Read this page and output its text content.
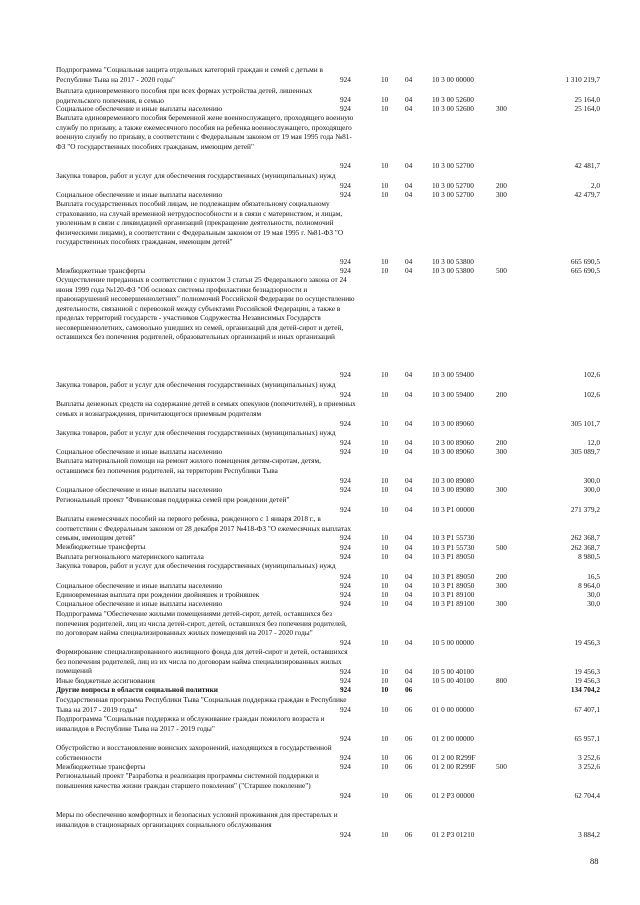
Подпрограмма "Социальная защита отдельных категорий граждан и семей с детьми в Республике Тыва на 2017 - 2020 годы"	924	10 04	10 3 00 00000	1 310 219,7
Выплата единовременного пособия при всех формах устройства детей, лишенных родительского попечения, в семью	924	10 04	10 3 00 52600	25 164,0
Социальное обеспечение и иные выплаты населению	924	10 04	10 3 00 52600	300	25 164,0
Выплата единовременного пособия беременной жене военнослужащего, проходящего военную службу по призыву, а также ежемесячного пособия на ребенка военнослужащего, проходящего военную службу по призыву, в соответствии с Федеральным законом от 19 мая 1995 года №81-ФЗ "О государственных пособиях гражданам, имеющим детей"
924	10 04	10 3 00 52700	42 481,7
Закупка товаров, работ и услуг для обеспечения государственных (муниципальных) нужд
924	10 04	10 3 00 52700	200	2,0
Социальное обеспечение и иные выплаты населению	924	10 04	10 3 00 52700	300	42 479,7
Выплата государственных пособий лицам, не подлежащим обязательному социальному страхованию, на случай временной нетрудоспособности и в связи с материнством, и лицам, уволенным в связи с ликвидацией организаций (прекращение деятельности, полномочий физическими лицами), в соответствии с Федеральным законом от 19 мая 1995 г. №81-ФЗ "О государственных пособиях гражданам, имеющим детей"
924	10 04	10 3 00 53800	665 690,5
Межбюджетные трансферты	924	10 04	10 3 00 53800	500	665 690,5
Осуществление переданных в соответствии с пунктом 3 статьи 25 Федерального закона от 24 июня 1999 года №120-ФЗ "Об основах системы профилактики безнадзорности и правонарушений несовершеннолетних" полномочий Российской Федерации по осуществлению деятельности, связанной с перевозкой между субъектами Российской Федерации, а также в пределах территорий государств - участников Содружества Независимых Государств несовершеннолетних, самовольно ушедших из семей, организаций для детей-сирот и детей, оставшихся без попечения родителей, образовательных организаций и иных организаций
924	10 04	10 3 00 59400	102,6
Закупка товаров, работ и услуг для обеспечения государственных (муниципальных) нужд
924	10 04	10 3 00 59400	200	102,6
Выплаты денежных средств на содержание детей в семьях опекунов (попечителей), в приемных семьях и вознаграждения, причитающегося приемным родителям
924	10 04	10 3 00 89060	305 101,7
Закупка товаров, работ и услуг для обеспечения государственных (муниципальных) нужд
924	10 04	10 3 00 89060	200	12,0
Социальное обеспечение и иные выплаты населению	924	10 04	10 3 00 89060	300	305 089,7
Выплата материальной помощи на ремонт жилого помещения детям-сиротам, детям, оставшимся без попечения родителей, на территории Республики Тыва
924	10 04	10 3 00 89080	300,0
Социальное обеспечение и иные выплаты населению	924	10 04	10 3 00 89080	300	300,0
Региональный проект "Финансовая поддержка семей при рождении детей"
924	10 04	10 3 P1 00000	271 379,2
Выплаты ежемесячных пособий на первого ребенка, рожденного с 1 января 2018 г., в соответствии с Федеральным законом от 28 декабря 2017 №418-ФЗ "О ежемесячных выплатах семьям, имеющим детей"	924	10 04	10 3 P1 55730	262 368,7
Межбюджетные трансферты	924	10 04	10 3 P1 55730	500	262 368,7
Выплата регионального материнского капитала	924	10 04	10 3 P1 89050	8 980,5
Закупка товаров, работ и услуг для обеспечения государственных (муниципальных) нужд
924	10 04	10 3 P1 89050	200	16,5
Социальное обеспечение и иные выплаты населению	924	10 04	10 3 P1 89050	300	8 964,0
Единовременная выплата при рождении двойняшек и тройняшек	924	10 04	10 3 P1 89100	30,0
Социальное обеспечение и иные выплаты населению	924	10 04	10 3 P1 89100	300	30,0
Подпрограмма "Обеспечение жилыми помещениями детей-сирот, детей, оставшихся без попечения родителей, лиц из числа детей-сирот, детей, оставшихся без попечения родителей, по договорам найма специализированных жилых помещений на 2017 - 2020 годы"
924	10 04	10 5 00 00000	19 456,3
Формирование специализированного жилищного фонда для детей-сирот и детей, оставшихся без попечения родителей, лиц из их числа по договорам найма специализированных жилых помещений	924	10 04	10 5 00 40100	19 456,3
Иные бюджетные ассигнования	924	10 04	10 5 00 40100	800	19 456,3
Другие вопросы в области социальной политики	924	10 06	134 704,2
Государственная программа Республики Тыва "Социальная поддержка граждан в Республике Тыва на 2017 - 2019 годы"	924	10 06	01 0 00 00000	67 407,1
Подпрограмма "Социальная поддержка и обслуживание граждан пожилого возраста и инвалидов в Республике Тыва на 2017 - 2019 годы"
924	10 06	01 2 00 00000	65 957,1
Обустройство и восстановление воинских захоронений, находящихся в государственной собственности	924	10 06	01 2 00 R299F	3 252,6
Межбюджетные трансферты	924	10 06	01 2 00 R299F	500	3 252,6
Региональный проект "Разработка и реализация программы системной поддержки и повышения качества жизни граждан старшего поколения" ("Старшее поколение")
924	10 06	01 2 P3 00000	62 704,4
Меры по обеспечению комфортных и безопасных условий проживания для престарелых и инвалидов в стационарных организациях социального обслуживания
924	10 06	01 2 P3 01210	3 884,2
88
